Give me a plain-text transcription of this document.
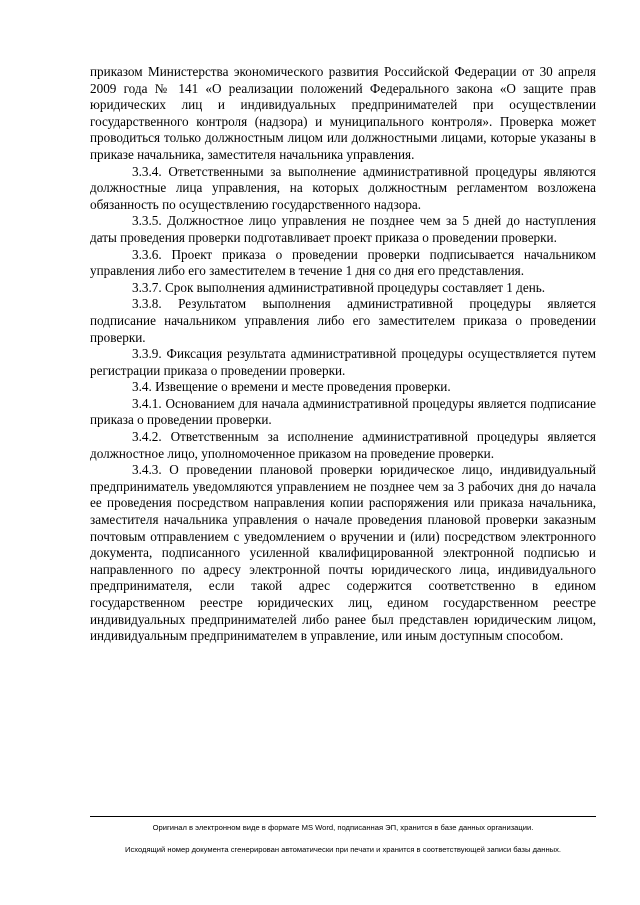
приказом Министерства экономического развития Российской Федерации от 30 апреля 2009 года № 141 «О реализации положений Федерального закона «О защите прав юридических лиц и индивидуальных предпринимателей при осуществлении государственного контроля (надзора) и муниципального контроля». Проверка может проводиться только должностным лицом или должностными лицами, которые указаны в приказе начальника, заместителя начальника управления.

3.3.4. Ответственными за выполнение административной процедуры являются должностные лица управления, на которых должностным регламентом возложена обязанность по осуществлению государственного надзора.

3.3.5. Должностное лицо управления не позднее чем за 5 дней до наступления даты проведения проверки подготавливает проект приказа о проведении проверки.

3.3.6. Проект приказа о проведении проверки подписывается начальником управления либо его заместителем в течение 1 дня со дня его представления.

3.3.7. Срок выполнения административной процедуры составляет 1 день.

3.3.8. Результатом выполнения административной процедуры является подписание начальником управления либо его заместителем приказа о проведении проверки.

3.3.9. Фиксация результата административной процедуры осуществляется путем регистрации приказа о проведении проверки.

3.4. Извещение о времени и месте проведения проверки.

3.4.1. Основанием для начала административной процедуры является подписание приказа о проведении проверки.

3.4.2. Ответственным за исполнение административной процедуры является должностное лицо, уполномоченное приказом на проведение проверки.

3.4.3. О проведении плановой проверки юридическое лицо, индивидуальный предприниматель уведомляются управлением не позднее чем за 3 рабочих дня до начала ее проведения посредством направления копии распоряжения или приказа начальника, заместителя начальника управления о начале проведения плановой проверки заказным почтовым отправлением с уведомлением о вручении и (или) посредством электронного документа, подписанного усиленной квалифицированной электронной подписью и направленного по адресу электронной почты юридического лица, индивидуального предпринимателя, если такой адрес содержится соответственно в едином государственном реестре юридических лиц, едином государственном реестре индивидуальных предпринимателей либо ранее был представлен юридическим лицом, индивидуальным предпринимателем в управление, или иным доступным способом.

Оригинал в электронном виде в формате MS Word, подписанная ЭП, хранится в базе данных организации.
Исходящий номер документа сгенерирован автоматически при печати и хранится в соответствующей записи базы данных.
